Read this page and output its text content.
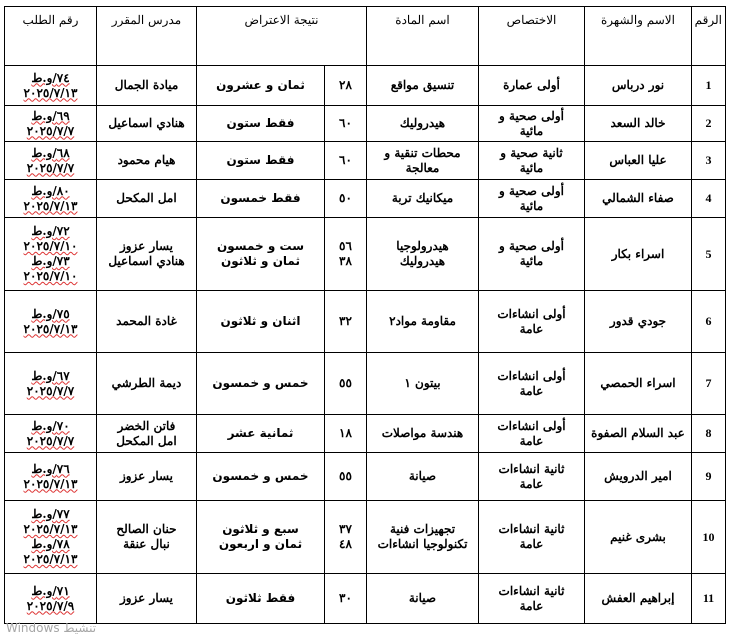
الرقم	الاسم والشهرة	الاختصاص	اسم المادة	نتيجة الاعتراض		مدرس المقرر	رقم الطلب
1	نور درباس	أولى عمارة	تنسيق مواقع	٢٨	ثمان و عشرون	ميادة الجمال	٧٤/و.ط
٢٠٢٥/٧/١٣

2	خالد السعد	أولى صحية و
مائية	هيدروليك	٦٠	فقط ستون	هنادي اسماعيل	٦٩/و.ط
٢٠٢٥/٧/٧

3	عليا العباس	ثانية صحية و
مائية	محطات تنقية و
معالجة	٦٠	فقط ستون	هيام محمود	٦٨/و.ط
٢٠٢٥/٧/٧

4	صفاء الشمالي	أولى صحية و
مائية	ميكانيك تربة	٥٠	فقط خمسون	امل المكحل	٨٠/و.ط
٢٠٢٥/٧/١٣

5	اسراء بكار	أولى صحية و
مائية	هيدرولوجيا
هيدروليك	٥٦
٣٨	ست و خمسون
ثمان و ثلاثون	يسار عزوز
هنادي اسماعيل	٧٢/و.ط
٢٠٢٥/٧/١٠
٧٣/و.ط
٢٠٢٥/٧/١٠

6	جودي قدور	أولى انشاءات
عامة	مقاومة مواد٢	٣٢	اثنان و ثلاثون	غادة المحمد	٧٥/و.ط
٢٠٢٥/٧/١٣

7	اسراء الحمصي	أولى انشاءات
عامة	بيتون ١	٥٥	خمس و خمسون	ديمة الطرشي	٦٧/و.ط
٢٠٢٥/٧/٧

8	عبد السلام الصفوة	أولى انشاءات
عامة	هندسة مواصلات	١٨	ثمانية عشر	فاتن الخضر
امل المكحل	٧٠/و.ط
٢٠٢٥/٧/٧

9	امير الدرويش	ثانية انشاءات
عامة	صيانة	٥٥	خمس و خمسون	يسار عزوز	٧٦/و.ط
٢٠٢٥/٧/١٣

10	بشرى غنيم	ثانية انشاءات
عامة	تجهيزات فنية
تكنولوجيا انشاءات	٣٧
٤٨	سبع و ثلاثون
ثمان و اربعون	حنان الصالح
نبال عنقة	٧٧/و.ط
٢٠٢٥/٧/١٣
٧٨/و.ط
٢٠٢٥/٧/١٣

11	إبراهيم العفش	ثانية انشاءات
عامة	صيانة	٣٠	فقط ثلاثون	يسار عزوز	٧١/و.ط
٢٠٢٥/٧/٩
تنشيط Windows
